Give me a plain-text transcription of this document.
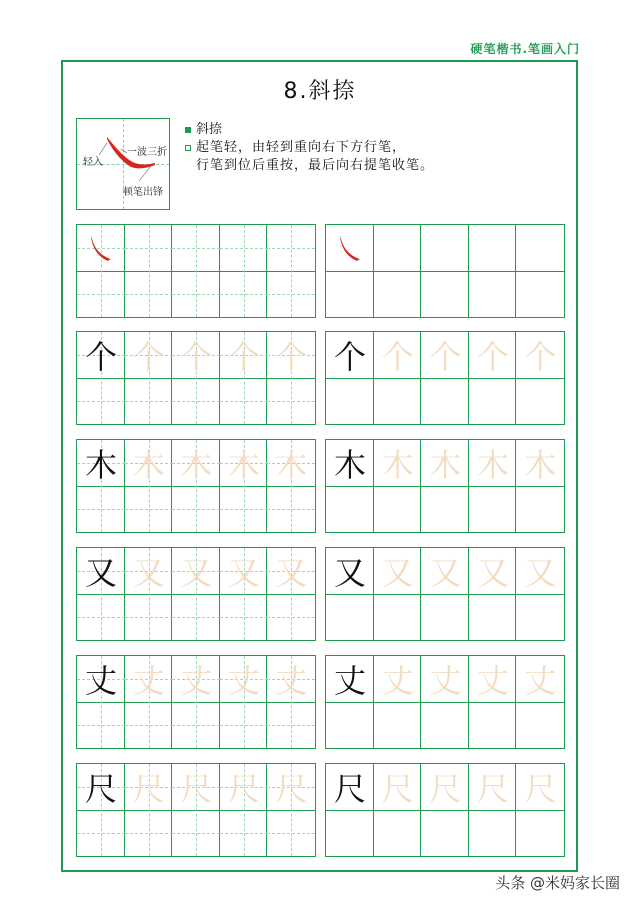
硬笔楷书.笔画入门
8.斜捺
轻入
一波三折
顿笔出锋
斜捺
起笔轻，由轻到重向右下方行笔，
行笔到位后重按，最后向右提笔收笔。
㇏	㇏
个 个 个 个 个 个 个 个 个 个
木 木 木 木 木 木 木 木 木 木
又 又 又 又 又 又 又 又 又 又
丈 丈 丈 丈 丈 丈 丈 丈 丈 丈
尺 尺 尺 尺 尺 尺 尺 尺 尺 尺
头条 @米妈家长圈
